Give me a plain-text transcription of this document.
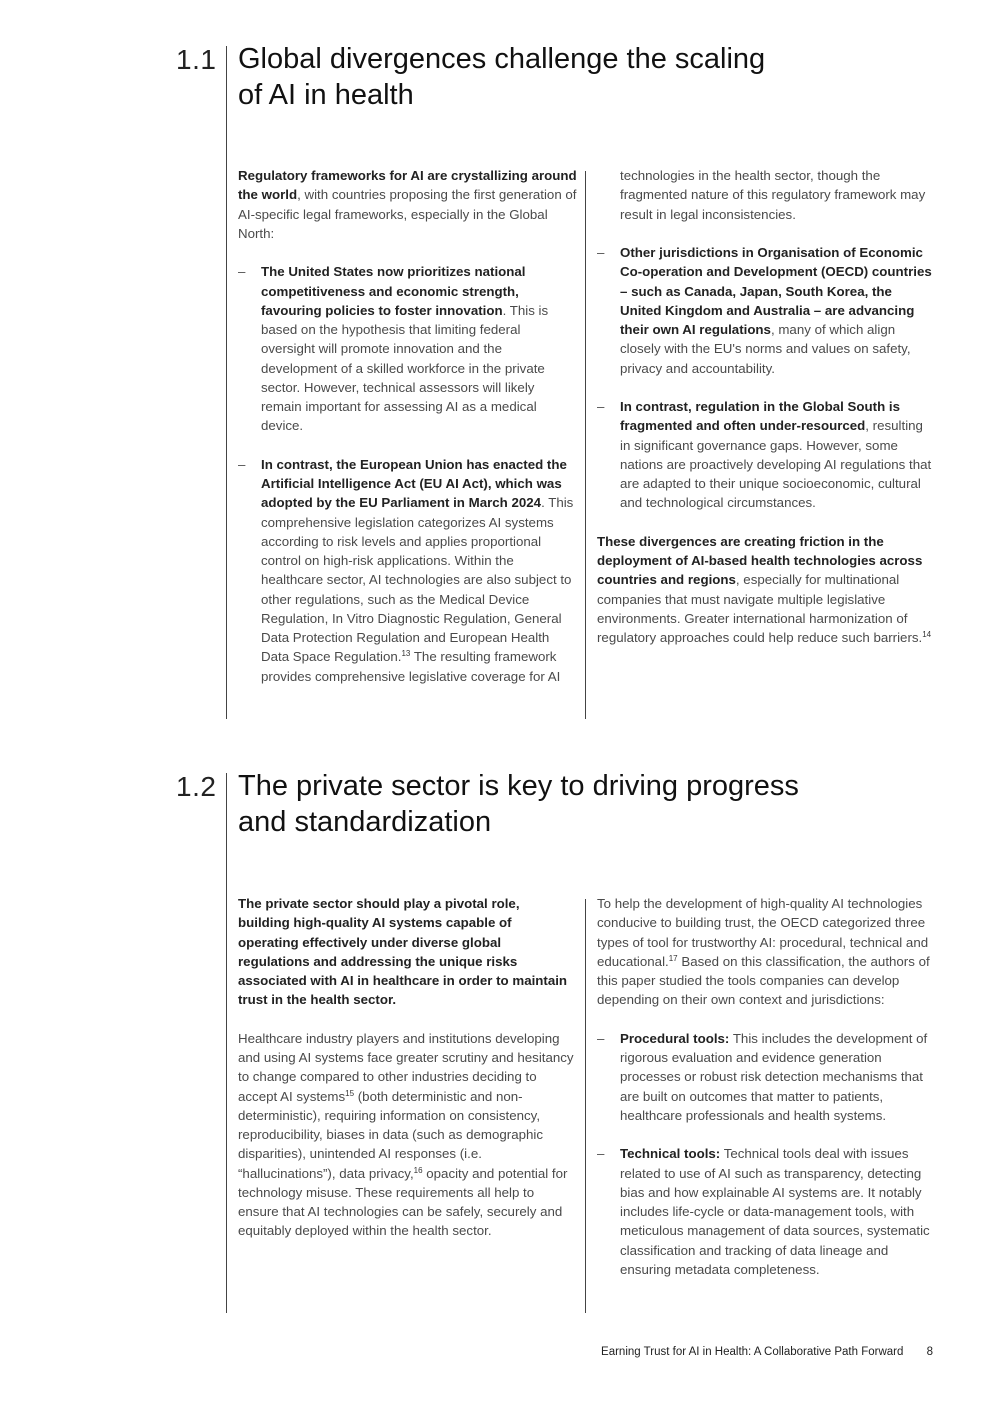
1.1 Global divergences challenge the scaling
of AI in health

Regulatory frameworks for AI are crystallizing around the world, with countries proposing the first generation of AI-specific legal frameworks, especially in the Global North:

– The United States now prioritizes national competitiveness and economic strength, favouring policies to foster innovation. This is based on the hypothesis that limiting federal oversight will promote innovation and the development of a skilled workforce in the private sector. However, technical assessors will likely remain important for assessing AI as a medical device.

– In contrast, the European Union has enacted the Artificial Intelligence Act (EU AI Act), which was adopted by the EU Parliament in March 2024. This comprehensive legislation categorizes AI systems according to risk levels and applies proportional control on high-risk applications. Within the healthcare sector, AI technologies are also subject to other regulations, such as the Medical Device Regulation, In Vitro Diagnostic Regulation, General Data Protection Regulation and European Health Data Space Regulation.$^{13}$ The resulting framework provides comprehensive legislative coverage for AI

technologies in the health sector, though the fragmented nature of this regulatory framework may result in legal inconsistencies.

– Other jurisdictions in Organisation of Economic Co-operation and Development (OECD) countries – such as Canada, Japan, South Korea, the United Kingdom and Australia – are advancing their own AI regulations, many of which align closely with the EU's norms and values on safety, privacy and accountability.

– In contrast, regulation in the Global South is fragmented and often under-resourced, resulting in significant governance gaps. However, some nations are proactively developing AI regulations that are adapted to their unique socioeconomic, cultural and technological circumstances.

These divergences are creating friction in the deployment of AI-based health technologies across countries and regions, especially for multinational companies that must navigate multiple legislative environments. Greater international harmonization of regulatory approaches could help reduce such barriers.$^{14}$

1.2 The private sector is key to driving progress
and standardization

The private sector should play a pivotal role, building high-quality AI systems capable of operating effectively under diverse global regulations and addressing the unique risks associated with AI in healthcare in order to maintain trust in the health sector.

Healthcare industry players and institutions developing and using AI systems face greater scrutiny and hesitancy to change compared to other industries deciding to accept AI systems$^{15}$ (both deterministic and non-deterministic), requiring information on consistency, reproducibility, biases in data (such as demographic disparities), unintended AI responses (i.e. “hallucinations”), data privacy,$^{16}$ opacity and potential for technology misuse. These requirements all help to ensure that AI technologies can be safely, securely and equitably deployed within the health sector.

To help the development of high-quality AI technologies conducive to building trust, the OECD categorized three types of tool for trustworthy AI: procedural, technical and educational.$^{17}$ Based on this classification, the authors of this paper studied the tools companies can develop depending on their own context and jurisdictions:

– Procedural tools: This includes the development of rigorous evaluation and evidence generation processes or robust risk detection mechanisms that are built on outcomes that matter to patients, healthcare professionals and health systems.

– Technical tools: Technical tools deal with issues related to use of AI such as transparency, detecting bias and how explainable AI systems are. It notably includes life-cycle or data-management tools, with meticulous management of data sources, systematic classification and tracking of data lineage and ensuring metadata completeness.

Earning Trust for AI in Health: A Collaborative Path Forward 8
